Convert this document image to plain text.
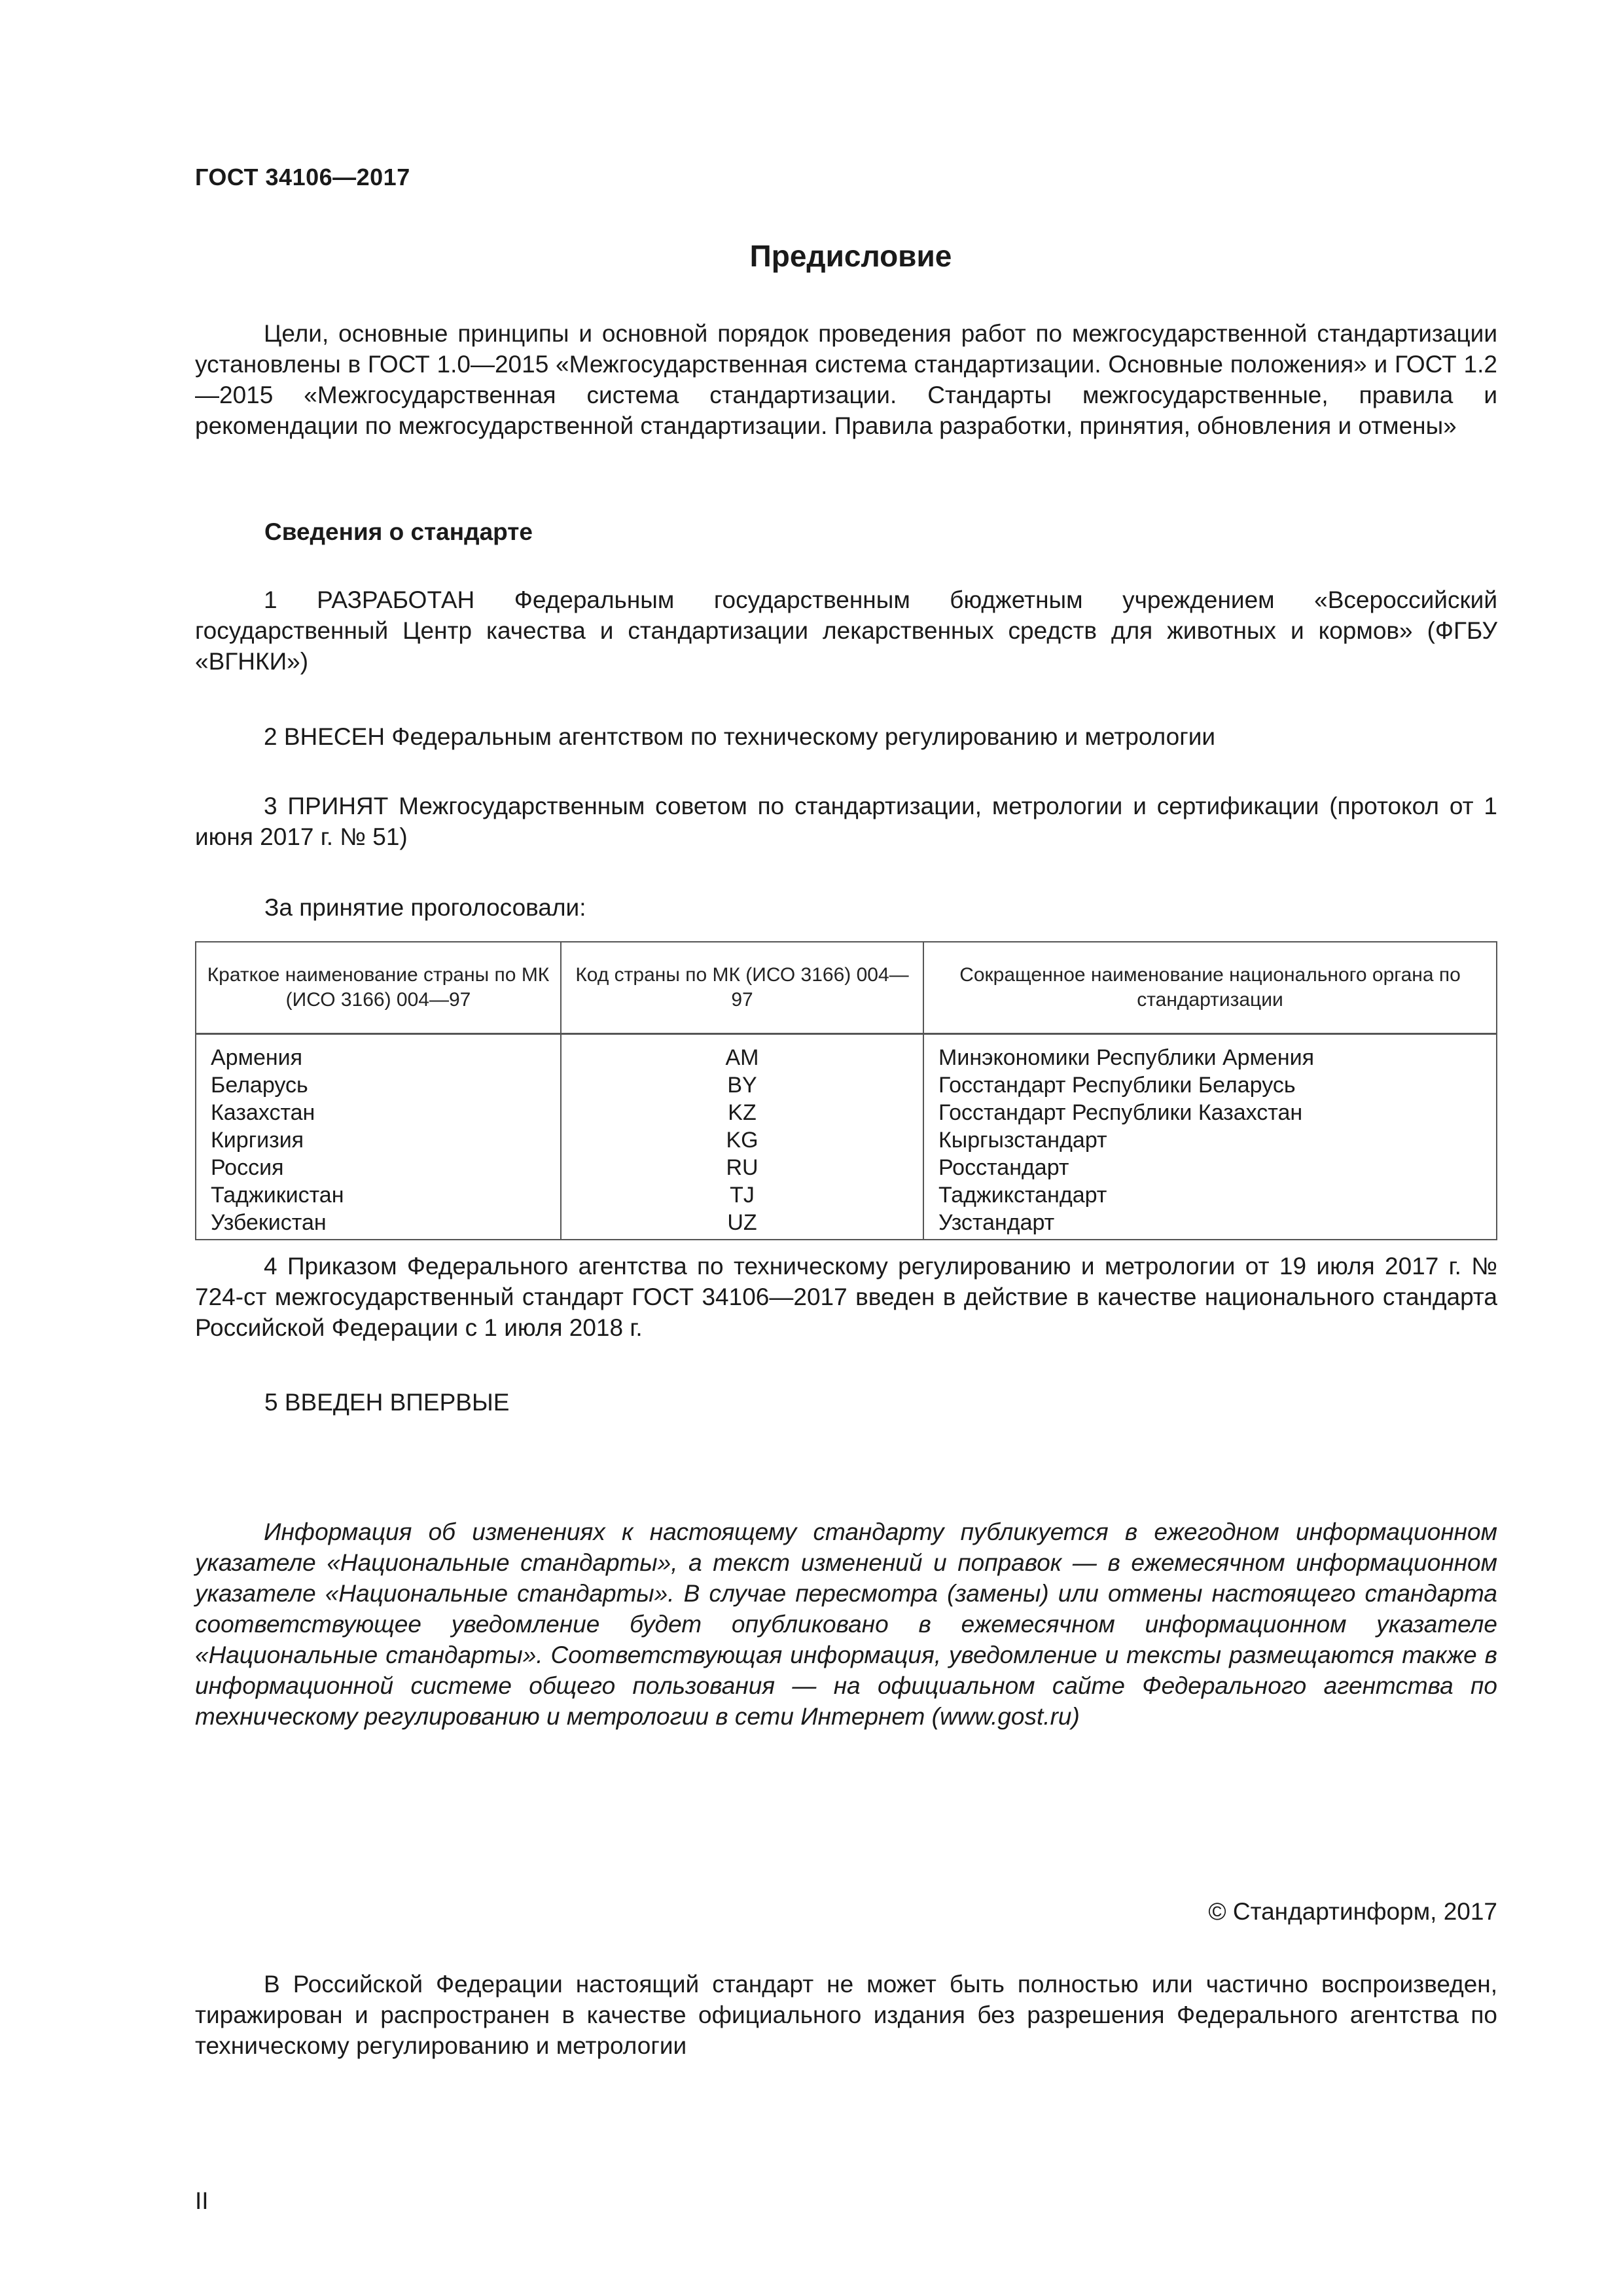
ГОСТ 34106—2017
Предисловие

Цели, основные принципы и основной порядок проведения работ по межгосударственной стандартизации установлены в ГОСТ 1.0—2015 «Межгосударственная система стандартизации. Основные положения» и ГОСТ 1.2—2015 «Межгосударственная система стандартизации. Стандарты межгосударственные, правила и рекомендации по межгосударственной стандартизации. Правила разработки, принятия, обновления и отмены»

Сведения о стандарте

1 РАЗРАБОТАН Федеральным государственным бюджетным учреждением «Всероссийский государственный Центр качества и стандартизации лекарственных средств для животных и кормов» (ФГБУ «ВГНКИ»)

2 ВНЕСЕН Федеральным агентством по техническому регулированию и метрологии

3 ПРИНЯТ Межгосударственным советом по стандартизации, метрологии и сертификации (протокол от 1 июня 2017 г. № 51)

За принятие проголосовали:
Краткое наименование страны по МК (ИСО 3166) 004—97	Код страны по МК (ИСО 3166) 004—97	Сокращенное наименование национального органа по стандартизации
Армения	AM	Минэкономики Республики Армения
Беларусь	BY	Госстандарт Республики Беларусь
Казахстан	KZ	Госстандарт Республики Казахстан
Киргизия	KG	Кыргызстандарт
Россия	RU	Росстандарт
Таджикистан	TJ	Таджикстандарт
Узбекистан	UZ	Узстандарт

4 Приказом Федерального агентства по техническому регулированию и метрологии от 19 июля 2017 г. № 724-ст межгосударственный стандарт ГОСТ 34106—2017 введен в действие в качестве национального стандарта Российской Федерации с 1 июля 2018 г.

5 ВВЕДЕН ВПЕРВЫЕ

Информация об изменениях к настоящему стандарту публикуется в ежегодном информационном указателе «Национальные стандарты», а текст изменений и поправок — в ежемесячном информационном указателе «Национальные стандарты». В случае пересмотра (замены) или отмены настоящего стандарта соответствующее уведомление будет опубликовано в ежемесячном информационном указателе «Национальные стандарты». Соответствующая информация, уведомление и тексты размещаются также в информационной системе общего пользования — на официальном сайте Федерального агентства по техническому регулированию и метрологии в сети Интернет (www.gost.ru)

© Стандартинформ, 2017

В Российской Федерации настоящий стандарт не может быть полностью или частично воспроизведен, тиражирован и распространен в качестве официального издания без разрешения Федерального агентства по техническому регулированию и метрологии

II
